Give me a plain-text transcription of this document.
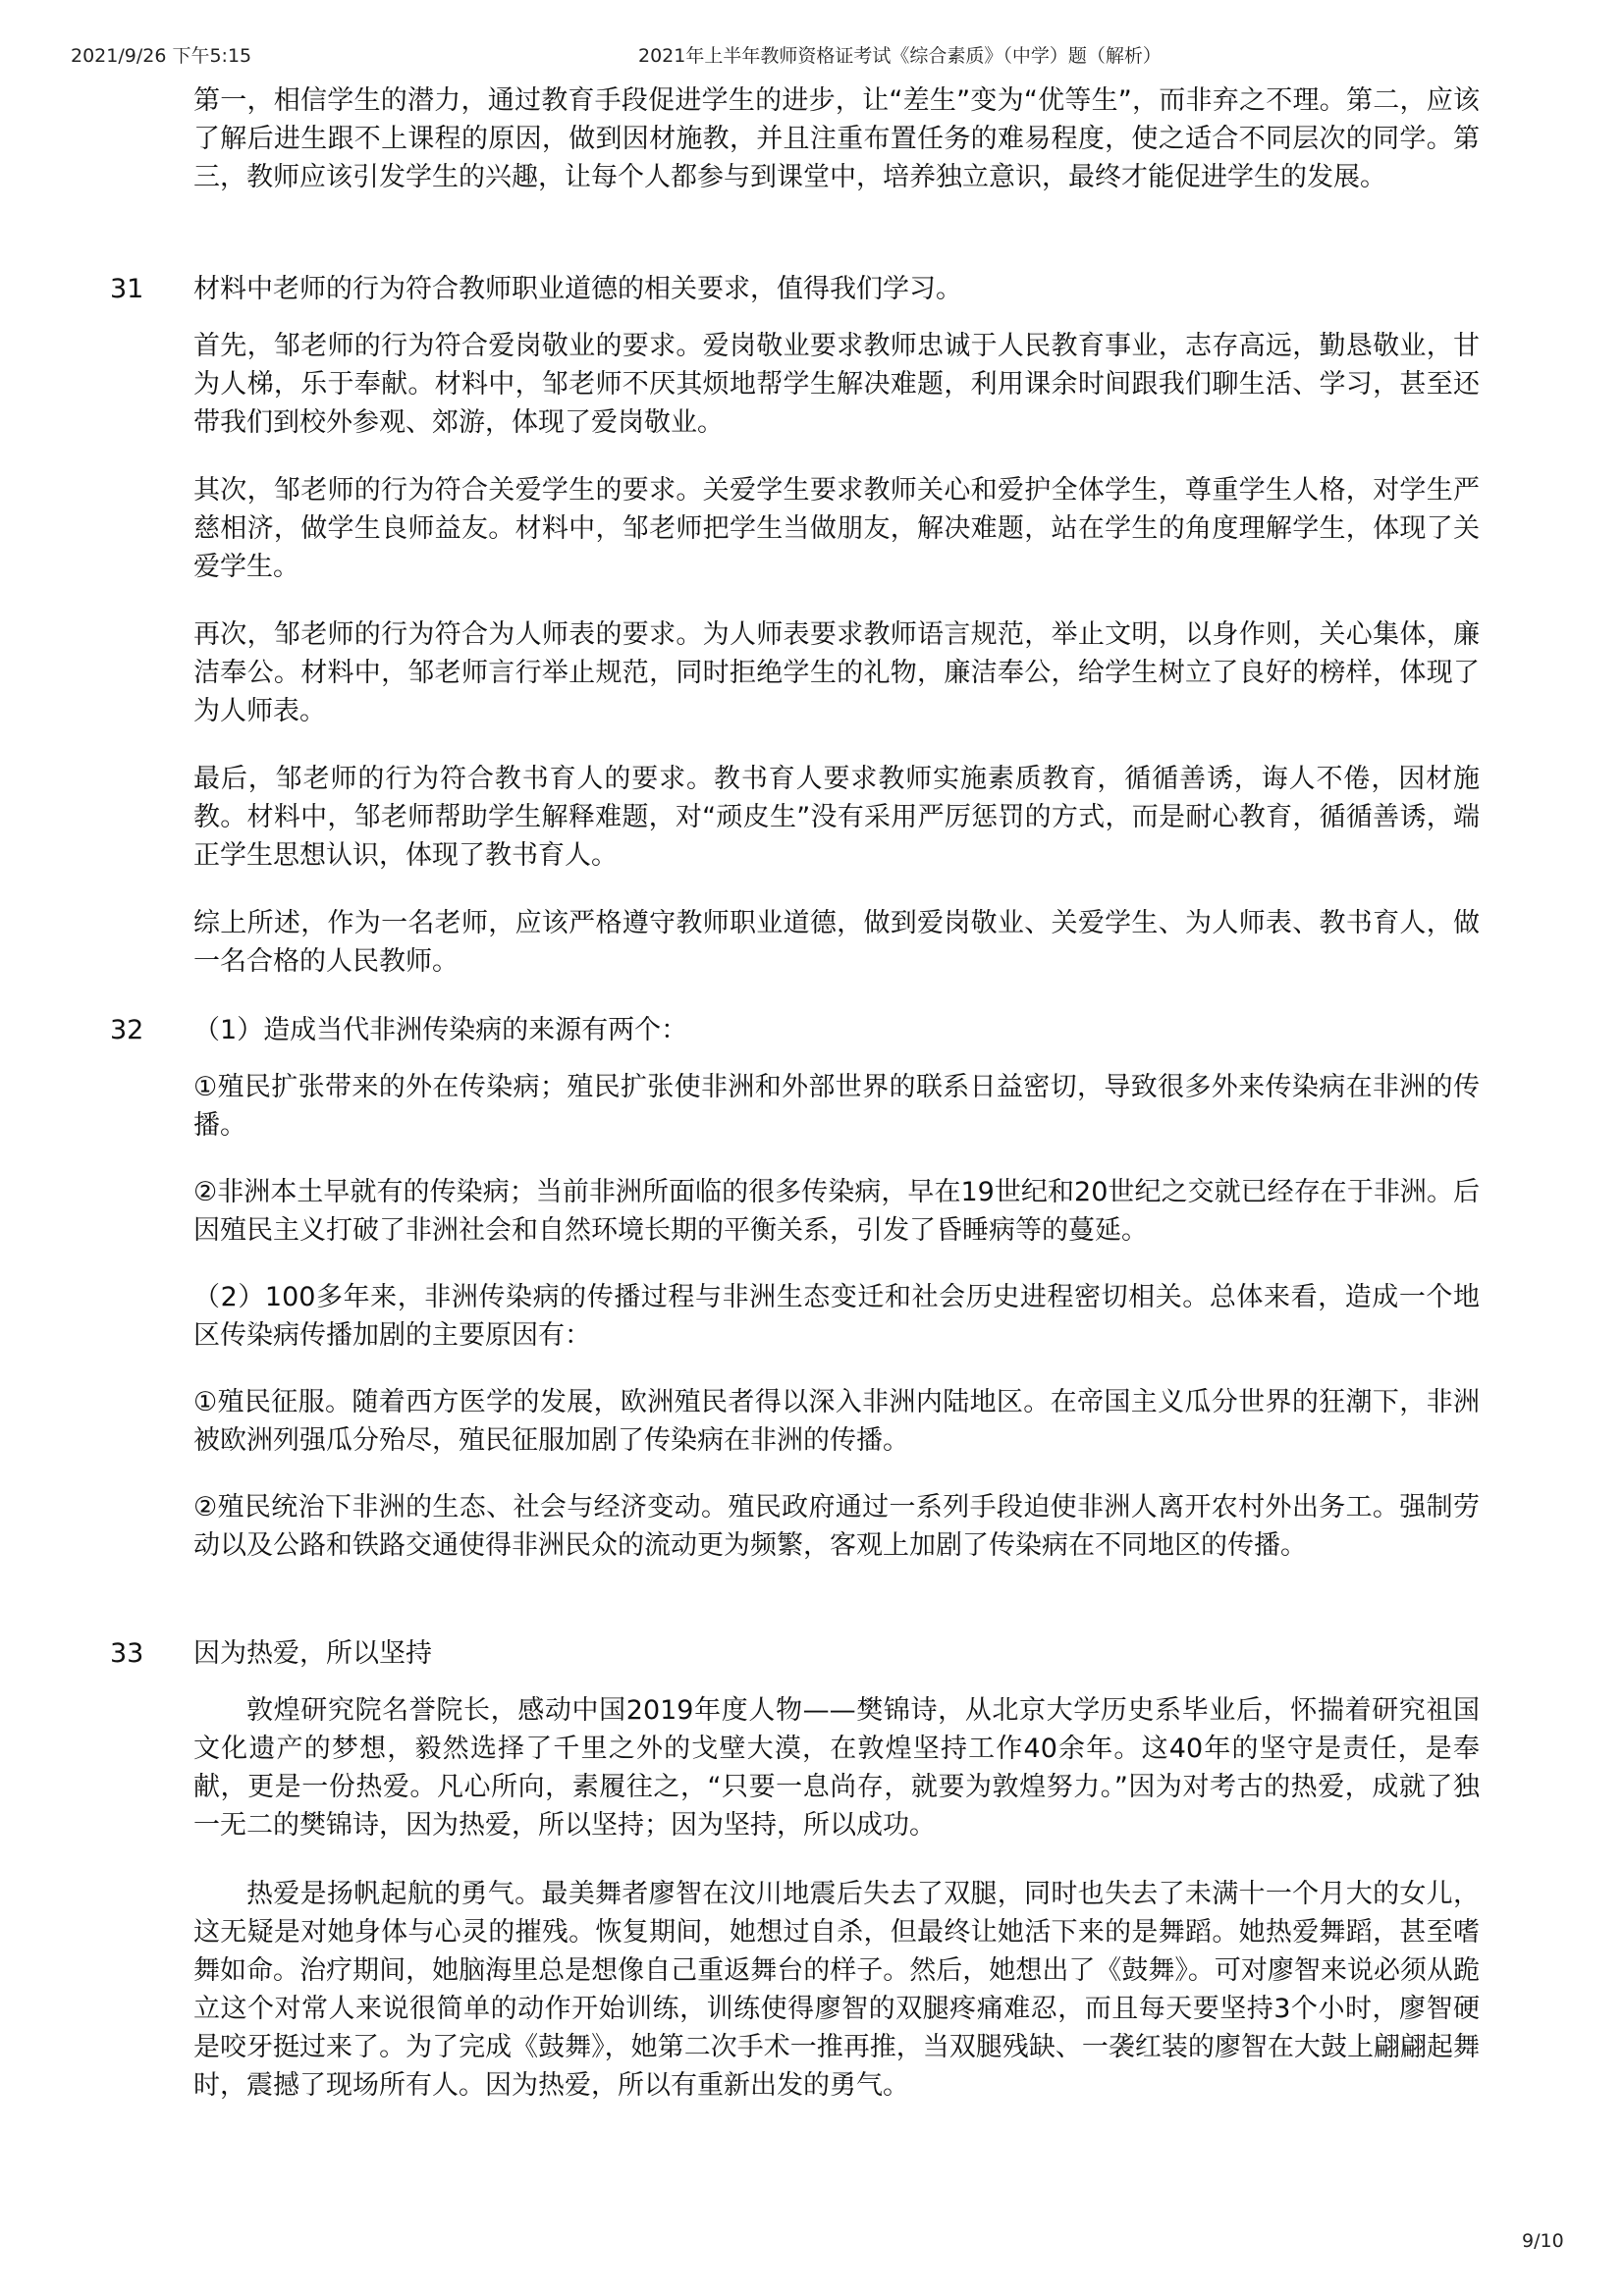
2021/9/26 下午5:15	2021年上半年教师资格证考试《综合素质》（中学）题（解析）

第一，相信学生的潜力，通过教育手段促进学生的进步，让“差生”变为“优等生”，而非弃之不理。第二，应该了解后进生跟不上课程的原因，做到因材施教，并且注重布置任务的难易程度，使之适合不同层次的同学。第三，教师应该引发学生的兴趣，让每个人都参与到课堂中，培养独立意识，最终才能促进学生的发展。

31 材料中老师的行为符合教师职业道德的相关要求，值得我们学习。

首先，邹老师的行为符合爱岗敬业的要求。爱岗敬业要求教师忠诚于人民教育事业，志存高远，勤恳敬业，甘为人梯，乐于奉献。材料中，邹老师不厌其烦地帮学生解决难题，利用课余时间跟我们聊生活、学习，甚至还带我们到校外参观、郊游，体现了爱岗敬业。

其次，邹老师的行为符合关爱学生的要求。关爱学生要求教师关心和爱护全体学生，尊重学生人格，对学生严慈相济，做学生良师益友。材料中，邹老师把学生当做朋友，解决难题，站在学生的角度理解学生，体现了关爱学生。

再次，邹老师的行为符合为人师表的要求。为人师表要求教师语言规范，举止文明，以身作则，关心集体，廉洁奉公。材料中，邹老师言行举止规范，同时拒绝学生的礼物，廉洁奉公，给学生树立了良好的榜样，体现了为人师表。

最后，邹老师的行为符合教书育人的要求。教书育人要求教师实施素质教育，循循善诱，诲人不倦，因材施教。材料中，邹老师帮助学生解释难题，对“顽皮生”没有采用严厉惩罚的方式，而是耐心教育，循循善诱，端正学生思想认识，体现了教书育人。

综上所述，作为一名老师，应该严格遵守教师职业道德，做到爱岗敬业、关爱学生、为人师表、教书育人，做一名合格的人民教师。

32 （1）造成当代非洲传染病的来源有两个：

①殖民扩张带来的外在传染病；殖民扩张使非洲和外部世界的联系日益密切，导致很多外来传染病在非洲的传播。

②非洲本土早就有的传染病；当前非洲所面临的很多传染病，早在19世纪和20世纪之交就已经存在于非洲。后因殖民主义打破了非洲社会和自然环境长期的平衡关系，引发了昏睡病等的蔓延。

（2）100多年来，非洲传染病的传播过程与非洲生态变迁和社会历史进程密切相关。总体来看，造成一个地区传染病传播加剧的主要原因有：

①殖民征服。随着西方医学的发展，欧洲殖民者得以深入非洲内陆地区。在帝国主义瓜分世界的狂潮下，非洲被欧洲列强瓜分殆尽，殖民征服加剧了传染病在非洲的传播。

②殖民统治下非洲的生态、社会与经济变动。殖民政府通过一系列手段迫使非洲人离开农村外出务工。强制劳动以及公路和铁路交通使得非洲民众的流动更为频繁，客观上加剧了传染病在不同地区的传播。

33 因为热爱，所以坚持

敦煌研究院名誉院长，感动中国2019年度人物——樊锦诗，从北京大学历史系毕业后，怀揣着研究祖国文化遗产的梦想，毅然选择了千里之外的戈壁大漠，在敦煌坚持工作40余年。这40年的坚守是责任，是奉献，更是一份热爱。凡心所向，素履往之，“只要一息尚存，就要为敦煌努力。”因为对考古的热爱，成就了独一无二的樊锦诗，因为热爱，所以坚持；因为坚持，所以成功。

热爱是扬帆起航的勇气。最美舞者廖智在汶川地震后失去了双腿，同时也失去了未满十一个月大的女儿，这无疑是对她身体与心灵的摧残。恢复期间，她想过自杀，但最终让她活下来的是舞蹈。她热爱舞蹈，甚至嗜舞如命。治疗期间，她脑海里总是想像自己重返舞台的样子。然后，她想出了《鼓舞》。可对廖智来说必须从跪立这个对常人来说很简单的动作开始训练，训练使得廖智的双腿疼痛难忍，而且每天要坚持3个小时，廖智硬是咬牙挺过来了。为了完成《鼓舞》，她第二次手术一推再推，当双腿残缺、一袭红装的廖智在大鼓上翩翩起舞时，震撼了现场所有人。因为热爱，所以有重新出发的勇气。

9/10
